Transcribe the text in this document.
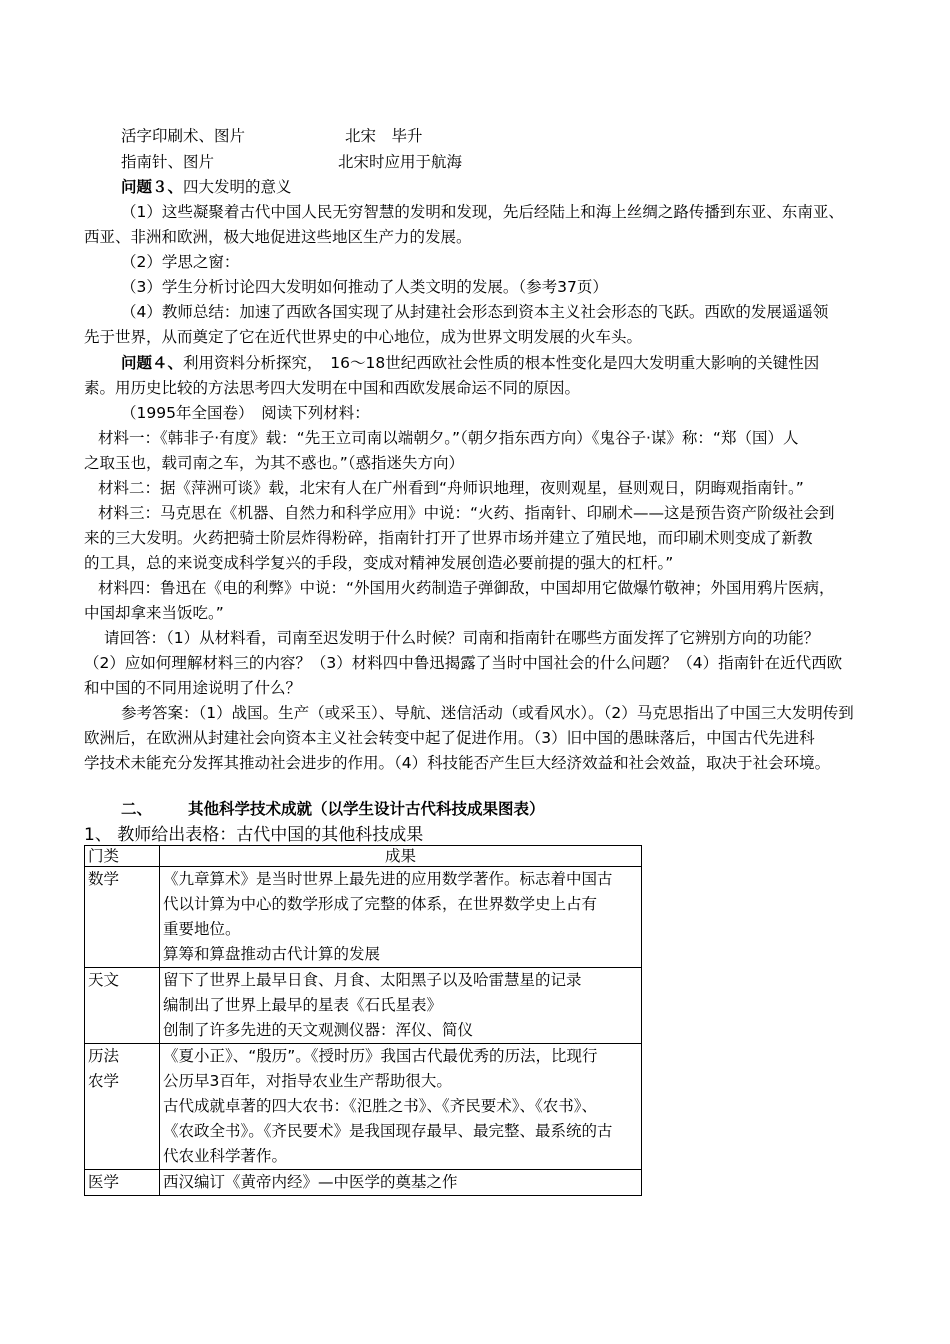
活字印刷术、图片	北宋　毕升
指南针、图片	北宋时应用于航海
问题３、四大发明的意义
（1）这些凝聚着古代中国人民无穷智慧的发明和发现，先后经陆上和海上丝绸之路传播到东亚、东南亚、
西亚、非洲和欧洲，极大地促进这些地区生产力的发展。
（2）学思之窗：
（3）学生分析讨论四大发明如何推动了人类文明的发展。（参考37页）
（4）教师总结：加速了西欧各国实现了从封建社会形态到资本主义社会形态的飞跃。西欧的发展遥遥领
先于世界，从而奠定了它在近代世界史的中心地位，成为世界文明发展的火车头。
问题４、利用资料分析探究，　16～18世纪西欧社会性质的根本性变化是四大发明重大影响的关键性因
素。用历史比较的方法思考四大发明在中国和西欧发展命运不同的原因。
（1995年全国卷）　阅读下列材料：
材料一：《韩非子·有度》载：“先王立司南以端朝夕。”（朝夕指东西方向）《鬼谷子·谋》称：“郑（国）人
之取玉也，载司南之车，为其不惑也。”（惑指迷失方向）
材料二：据《萍洲可谈》载，北宋有人在广州看到“舟师识地理，夜则观星，昼则观日，阴晦观指南针。”
材料三：马克思在《机器、自然力和科学应用》中说：“火药、指南针、印刷术——这是预告资产阶级社会到
来的三大发明。火药把骑士阶层炸得粉碎，指南针打开了世界市场并建立了殖民地，而印刷术则变成了新教
的工具，总的来说变成科学复兴的手段，变成对精神发展创造必要前提的强大的杠杆。”
材料四：鲁迅在《电的利弊》中说：“外国用火药制造子弹御敌，中国却用它做爆竹敬神；外国用鸦片医病，
中国却拿来当饭吃。”
请回答：（1）从材料看，司南至迟发明于什么时候？司南和指南针在哪些方面发挥了它辨别方向的功能？
（2）应如何理解材料三的内容？（3）材料四中鲁迅揭露了当时中国社会的什么问题？（4）指南针在近代西欧
和中国的不同用途说明了什么？
参考答案：（1）战国。生产（或采玉）、导航、迷信活动（或看风水）。（2）马克思指出了中国三大发明传到
欧洲后，在欧洲从封建社会向资本主义社会转变中起了促进作用。（3）旧中国的愚昧落后，中国古代先进科
学技术未能充分发挥其推动社会进步的作用。（4）科技能否产生巨大经济效益和社会效益，取决于社会环境。
二、 其他科学技术成就（以学生设计古代科技成果图表）
1、 教师给出表格：古代中国的其他科技成果
门类	成果
数学	《九章算术》是当时世界上最先进的应用数学著作。标志着中国古
代以计算为中心的数学形成了完整的体系，在世界数学史上占有
重要地位。
算筹和算盘推动古代计算的发展

天文	留下了世界上最早日食、月食、太阳黑子以及哈雷慧星的记录
编制出了世界上最早的星表《石氏星表》
创制了许多先进的天文观测仪器：浑仪、简仪

历法
农学	《夏小正》、“殷历”。《授时历》我国古代最优秀的历法，比现行
公历早3百年，对指导农业生产帮助很大。
古代成就卓著的四大农书：《氾胜之书》、《齐民要术》、《农书》、
《农政全书》。《齐民要术》是我国现存最早、最完整、最系统的古
代农业科学著作。

医学	西汉编订《黄帝内经》—中医学的奠基之作
